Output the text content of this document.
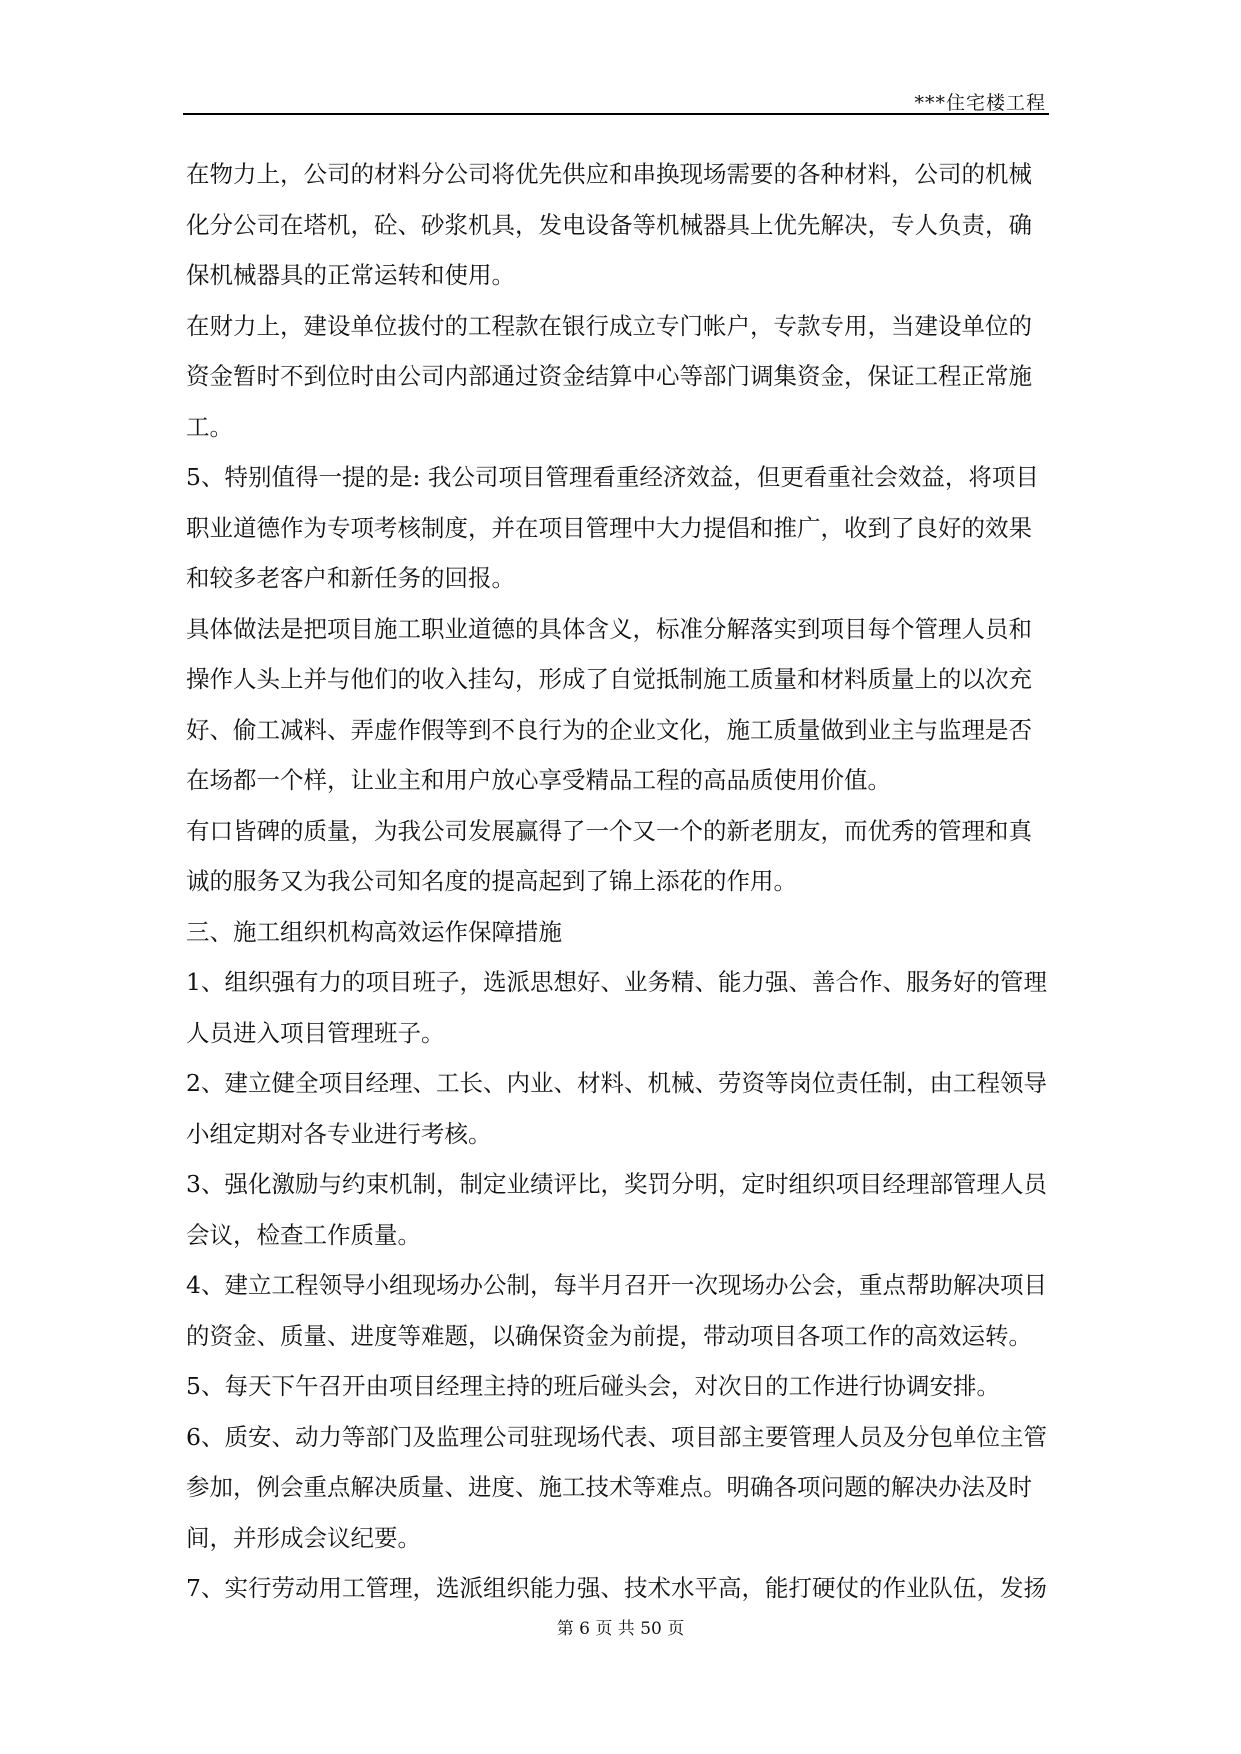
***住宅楼工程
在物力上，公司的材料分公司将优先供应和串换现场需要的各种材料，公司的机械
化分公司在塔机，砼、砂浆机具，发电设备等机械器具上优先解决，专人负责，确
保机械器具的正常运转和使用。
在财力上，建设单位拔付的工程款在银行成立专门帐户，专款专用，当建设单位的
资金暂时不到位时由公司内部通过资金结算中心等部门调集资金，保证工程正常施
工。
5、特别值得一提的是: 我公司项目管理看重经济效益，但更看重社会效益，将项目
职业道德作为专项考核制度，并在项目管理中大力提倡和推广，收到了良好的效果
和较多老客户和新任务的回报。
具体做法是把项目施工职业道德的具体含义，标准分解落实到项目每个管理人员和
操作人头上并与他们的收入挂勾，形成了自觉抵制施工质量和材料质量上的以次充
好、偷工减料、弄虚作假等到不良行为的企业文化，施工质量做到业主与监理是否
在场都一个样，让业主和用户放心享受精品工程的高品质使用价值。
有口皆碑的质量，为我公司发展赢得了一个又一个的新老朋友，而优秀的管理和真
诚的服务又为我公司知名度的提高起到了锦上添花的作用。
三、施工组织机构高效运作保障措施
1、组织强有力的项目班子，选派思想好、业务精、能力强、善合作、服务好的管理
人员进入项目管理班子。
2、建立健全项目经理、工长、内业、材料、机械、劳资等岗位责任制，由工程领导
小组定期对各专业进行考核。
3、强化激励与约束机制，制定业绩评比，奖罚分明，定时组织项目经理部管理人员
会议，检查工作质量。
4、建立工程领导小组现场办公制，每半月召开一次现场办公会，重点帮助解决项目
的资金、质量、进度等难题，以确保资金为前提，带动项目各项工作的高效运转。
5、每天下午召开由项目经理主持的班后碰头会，对次日的工作进行协调安排。
6、质安、动力等部门及监理公司驻现场代表、项目部主要管理人员及分包单位主管
参加，例会重点解决质量、进度、施工技术等难点。明确各项问题的解决办法及时
间，并形成会议纪要。
7、实行劳动用工管理，选派组织能力强、技术水平高，能打硬仗的作业队伍，发扬
第 6 页 共 50 页
